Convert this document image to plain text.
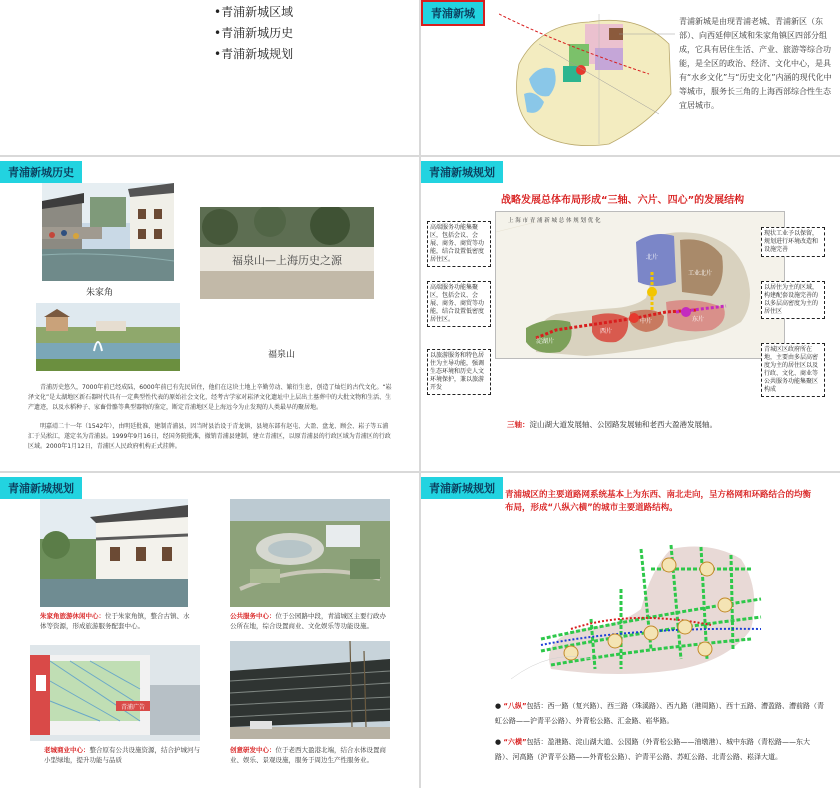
•青浦新城区域
•青浦新城历史
•青浦新城规划
青浦新城
青浦新城是由现青浦老城、青浦新区（东部）、向西延伸区域和朱家角镇区四部分组成，它具有居住生活、产业、旅游等综合功能，是全区的政治、经济、文化中心，是具有“水乡文化”与“历史文化”内涵的现代化中等城市，服务长三角的上海西部综合性生态宜居城市。
青浦新城历史
朱家角
福泉山—上海历史之源
福泉山
青浦历史悠久，7000年前已经成陆，6000年前已有先民居住，他们在这块土地上辛勤劳动、繁衍生息，创造了灿烂的古代文化。“崧泽文化”是太湖地区新石器时代具有一定典型性代表的原始社会文化，经考古学家对崧泽文化遗址中上层出土墓葬中的大批文物和生活、生产遗迹，以及水稻种子、家畜骨骼等典型器物的鉴定，断定青浦地区是上海远今为止发现的人类最早的聚居地。
明嘉靖二十一年（1542年），由明廷批准，建制青浦县，因当时县治设于青龙镇，县境东部有赵屯、大盈、盘龙、顾会、崧子等五浦汇于吴淞江，遂定名为青浦县。1999年9月16日，经国务院批准，撤销青浦县建制，建立青浦区，以原青浦县的行政区域为青浦区的行政区域。2000年1月12日，青浦区人民政府机构正式挂牌。
青浦新城规划
战略发展总体布局形成“三轴、六片、四心”的发展结构
上 海 市 青 浦 新 城 总 体 规 划 优 化
北片
工业北片
东片
西片
中片
淀湖片
高端服务功能集聚区，包括会议、会展、商务、商贸等功能，结合设置低密度居住区。
高端服务功能集聚区，包括会议、会展、商务、商贸等功能，结合设置低密度居住区。
以旅游服务和特色居住为主导功能，强调生态环境和历史人文环境保护，兼以旅游开发
现状工业予以保留，规划进行环境改造和设施完善
以居住为主的区域，构建配套设施完善的以多层高密度为主的居住区
青城区区政府所在地，主要由多层高密度为主的居住区以及行政、文化、商业等公共服务功能集聚区构成
三轴：淀山湖大道发展轴、公园路发展轴和老西大盈港发展轴。
青浦新城规划
朱家角旅游休闲中心：位于朱家角镇，整合古镇、水体等资源，形成旅游服务配套中心。
公共服务中心：位于公园路中段，青浦城区主要行政办公所在地，综合设置商业、文化娱乐等功能设施。
青浦广告
老城商业中心：整合原有公共设施资源，结合护城河与小型绿地，提升功能与品质
创意研发中心：位于老西大盈港北端，结合水体设置商业、娱乐、景观设施，服务于周边生产性服务业。
青浦新城规划	青浦城区的主要道路网系统基本上为东西、南北走向，呈方格网和环路结合的均衡布局，形成“八纵六横”的城市主要道路结构。
● “八纵”包括：西一路（复兴路）、西三路（珠溪路）、西九路（港周路）、西十五路、漕盈路、漕前路（青虹公路——沪青平公路）、外青松公路、汇金路、崧华路。
● “六横”包括：盈港路、淀山湖大道、公园路（外青松公路——油墩港）、城中东路（青松路——东大路）、河高路（沪青平公路——外青松公路）、沪青平公路、苏虹公路、北青公路、崧泽大道。
